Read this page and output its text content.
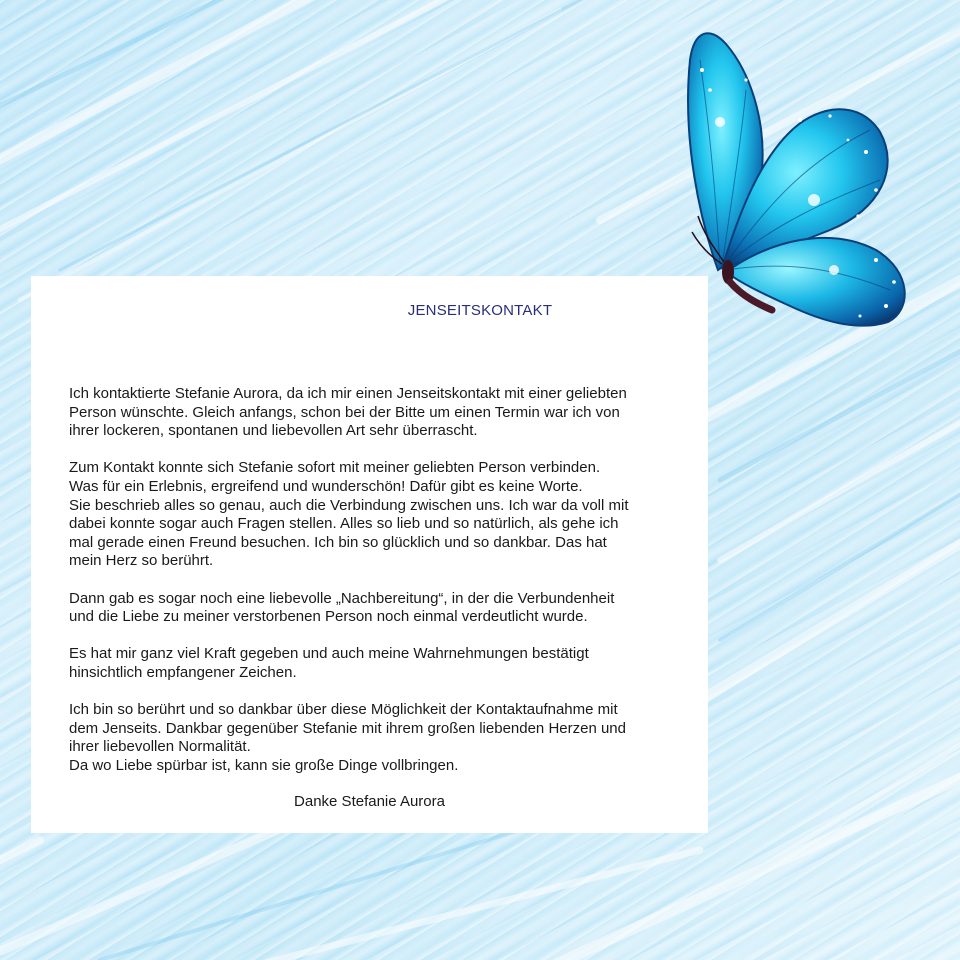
Ich kontaktierte Stefanie Aurora, da ich mir einen Jenseitskontakt mit einer geliebten
Person wünschte. Gleich anfangs, schon bei der Bitte um einen Termin war ich von
ihrer lockeren, spontanen und liebevollen Art sehr überrascht.

Zum Kontakt konnte sich Stefanie sofort mit meiner geliebten Person verbinden.
Was für ein Erlebnis, ergreifend und wunderschön! Dafür gibt es keine Worte.
Sie beschrieb alles so genau, auch die Verbindung zwischen uns. Ich war da voll mit
dabei konnte sogar auch Fragen stellen. Alles so lieb und so natürlich, als gehe ich
mal gerade einen Freund besuchen. Ich bin so glücklich und so dankbar. Das hat
mein Herz so berührt.

Dann gab es sogar noch eine liebevolle „Nachbereitung“, in der die Verbundenheit
und die Liebe zu meiner verstorbenen Person noch einmal verdeutlicht wurde.

Es hat mir ganz viel Kraft gegeben und auch meine Wahrnehmungen bestätigt
hinsichtlich empfangener Zeichen.

Ich bin so berührt und so dankbar über diese Möglichkeit der Kontaktaufnahme mit
dem Jenseits. Dankbar gegenüber Stefanie mit ihrem großen liebenden Herzen und
ihrer liebevollen Normalität.
Da wo Liebe spürbar ist, kann sie große Dinge vollbringen.

Danke Stefanie Aurora
JENSEITSKONTAKT
